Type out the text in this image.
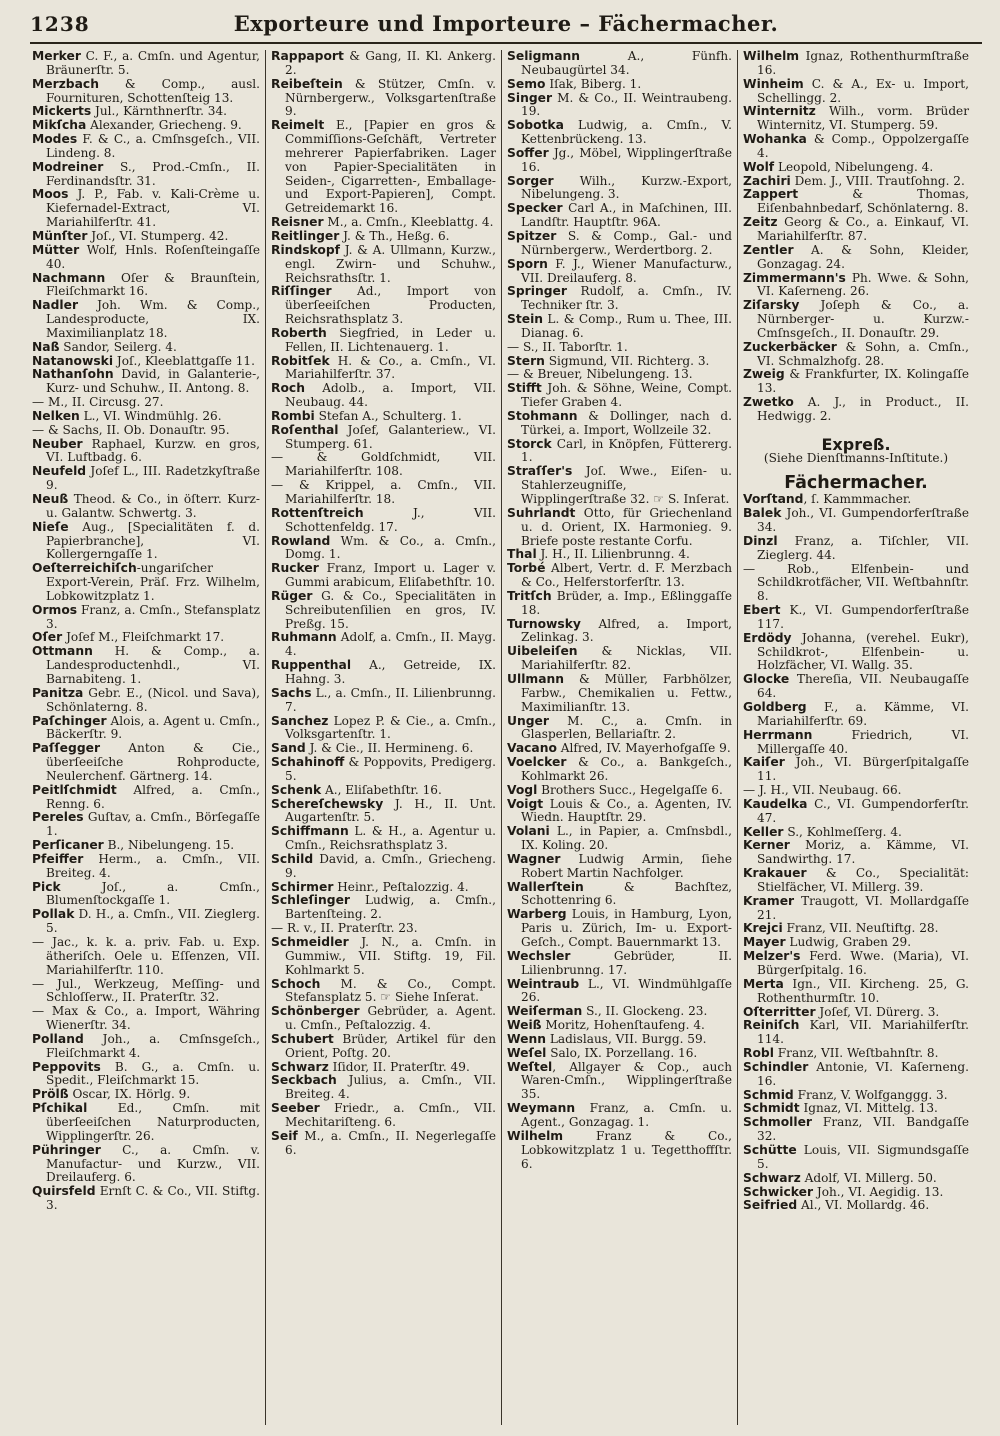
1238	Exporteure und Importeure – Fächermacher.
Merker C. F., a. Cmſn. und Agentur, Bräunerſtr. 5.
Merzbach & Comp., ausl. Fournituren, Schottenſteig 13.
Mickerts Jul., Kärnthnerſtr. 34.
Mikſcha Alexander, Griecheng. 9.
Modes F. & C., a. Cmſnsgeſch., VII. Lindeng. 8.
Modreiner S., Prod.-Cmſn., II. Ferdinandsſtr. 31.
Moos J. P., Fab. v. Kali-Crème u. Kiefernadel-Extract, VI. Mariahilferſtr. 41.
Münſter Joſ., VI. Stumperg. 42.
Mütter Wolf, Hnls. Roſenſteingaſſe 40.
Nachmann Oſer & Braunſtein, Fleiſchmarkt 16.
Nadler Joh. Wm. & Comp., Landesproducte, IX. Maximilianplatz 18.
Naß Sandor, Seilerg. 4.
Natanowski Joſ., Kleeblattgaſſe 11.
Nathanſohn David, in Galanterie-, Kurz- und Schuhw., II. Antong. 8.
— M., II. Circusg. 27.
Nelken L., VI. Windmühlg. 26.
— & Sachs, II. Ob. Donauſtr. 95.
Neuber Raphael, Kurzw. en gros, VI. Luftbadg. 6.
Neufeld Joſef L., III. Radetzkyſtraße 9.
Neuß Theod. & Co., in öſterr. Kurz- u. Galantw. Schwertg. 3.
Nieſe Aug., [Specialitäten f. d. Papierbranche], VI. Kollergerngaſſe 1.
Oeſterreichiſch-ungariſcher Export-Verein, Präſ. Frz. Wilhelm, Lobkowitzplatz 1.
Ormos Franz, a. Cmſn., Stefansplatz 3.
Oſer Joſef M., Fleiſchmarkt 17.
Ottmann H. & Comp., a. Landesproductenhdl., VI. Barnabiteng. 1.
Panitza Gebr. E., (Nicol. und Sava), Schönlaterng. 8.
Paſchinger Alois, a. Agent u. Cmſn., Bäckerſtr. 9.
Paſſegger Anton & Cie., überſeeiſche Rohproducte, Neulerchenf. Gärtnerg. 14.
Peitlſchmidt Alfred, a. Cmſn., Renng. 6.
Pereles Guſtav, a. Cmſn., Börſegaſſe 1.
Perſicaner B., Nibelungeng. 15.
Pfeiffer Herm., a. Cmſn., VII. Breiteg. 4.
Pick Joſ., a. Cmſn., Blumenſtockgaſſe 1.
Pollak D. H., a. Cmſn., VII. Zieglerg. 5.
— Jac., k. k. a. priv. Fab. u. Exp. ätheriſch. Oele u. Eſſenzen, VII. Mariahilferſtr. 110.
— Jul., Werkzeug, Meſſing- und Schloſſerw., II. Praterſtr. 32.
— Max & Co., a. Import, Währing Wienerſtr. 34.
Polland Joh., a. Cmſnsgeſch., Fleiſchmarkt 4.
Peppovits B. G., a. Cmſn. u. Spedit., Fleiſchmarkt 15.
Prölß Oscar, IX. Hörlg. 9.
Pſchikal Ed., Cmſn. mit überſeeiſchen Naturproducten, Wipplingerſtr. 26.
Pühringer C., a. Cmſn. v. Manufactur- und Kurzw., VII. Dreilauferg. 6.
Quirsfeld Ernſt C. & Co., VII. Stiftg. 3.
Rappaport & Gang, II. Kl. Ankerg. 2.
Reibeſtein & Stützer, Cmſn. v. Nürnbergerw., Volksgartenſtraße 9.
Reimelt E., [Papier en gros & Commiſſions-Geſchäft, Vertreter mehrerer Papierfabriken. Lager von Papier-Specialitäten in Seiden-, Cigarretten-, Emballage- und Export-Papieren], Compt. Getreidemarkt 16.
Reisner M., a. Cmſn., Kleeblattg. 4.
Reitlinger J. & Th., Heßg. 6.
Rindskopf J. & A. Ullmann, Kurzw., engl. Zwirn- und Schuhw., Reichsrathsſtr. 1.
Riſſinger Ad., Import von überſeeiſchen Producten, Reichsrathsplatz 3.
Roberth Siegfried, in Leder u. Fellen, II. Lichtenauerg. 1.
Robitſek H. & Co., a. Cmſn., VI. Mariahilferſtr. 37.
Roch Adolb., a. Import, VII. Neubaug. 44.
Rombi Stefan A., Schulterg. 1.
Roſenthal Joſef, Galanteriew., VI. Stumperg. 61.
— & Goldſchmidt, VII. Mariahilferſtr. 108.
— & Krippel, a. Cmſn., VII. Mariahilferſtr. 18.
Rottenſtreich J., VII. Schottenfeldg. 17.
Rowland Wm. & Co., a. Cmſn., Domg. 1.
Rucker Franz, Import u. Lager v. Gummi arabicum, Eliſabethſtr. 10.
Rüger G. & Co., Specialitäten in Schreibutenſilien en gros, IV. Preßg. 15.
Ruhmann Adolf, a. Cmſn., II. Mayg. 4.
Ruppenthal A., Getreide, IX. Hahng. 3.
Sachs L., a. Cmſn., II. Lilienbrunng. 7.
Sanchez Lopez P. & Cie., a. Cmſn., Volksgartenſtr. 1.
Sand J. & Cie., II. Hermineng. 6.
Schahinoff & Poppovits, Predigerg. 5.
Schenk A., Eliſabethſtr. 16.
Schereſchewsky J. H., II. Unt. Augartenſtr. 5.
Schiffmann L. & H., a. Agentur u. Cmſn., Reichsrathsplatz 3.
Schild David, a. Cmſn., Griecheng. 9.
Schirmer Heinr., Peſtalozzig. 4.
Schleſinger Ludwig, a. Cmſn., Bartenſteing. 2.
— R. v., II. Praterſtr. 23.
Schmeidler J. N., a. Cmſn. in Gummiw., VII. Stiftg. 19, Fil. Kohlmarkt 5.
Schoch M. & Co., Compt. Stefansplatz 5. ☞ Siehe Inſerat.
Schönberger Gebrüder, a. Agent. u. Cmſn., Peſtalozzig. 4.
Schubert Brüder, Artikel für den Orient, Poſtg. 20.
Schwarz Iſidor, II. Praterſtr. 49.
Seckbach Julius, a. Cmſn., VII. Breiteg. 4.
Seeber Friedr., a. Cmſn., VII. Mechitariſteng. 6.
Seif M., a. Cmſn., II. Negerlegaſſe 6.
Seligmann A., Fünfh. Neubaugürtel 34.
Semo Iſak, Biberg. 1.
Singer M. & Co., II. Weintraubeng. 19.
Sobotka Ludwig, a. Cmſn., V. Kettenbrückeng. 13.
Soffer Jg., Möbel, Wipplingerſtraße 16.
Sorger Wilh., Kurzw.-Export, Nibelungeng. 3.
Specker Carl A., in Maſchinen, III. Landſtr. Hauptſtr. 96A.
Spitzer S. & Comp., Gal.- und Nürnbergerw., Werdertborg. 2.
Sporn F. J., Wiener Manufacturw., VII. Dreilauferg. 8.
Springer Rudolf, a. Cmſn., IV. Techniker ſtr. 3.
Stein L. & Comp., Rum u. Thee, III. Dianag. 6.
— S., II. Taborſtr. 1.
Stern Sigmund, VII. Richterg. 3.
— & Breuer, Nibelungeng. 13.
Stifft Joh. & Söhne, Weine, Compt. Tiefer Graben 4.
Stohmann & Dollinger, nach d. Türkei, a. Import, Wollzeile 32.
Storck Carl, in Knöpfen, Füttererg. 1.
Straſſer's Joſ. Wwe., Eiſen- u. Stahlerzeugniſſe, Wipplingerſtraße 32. ☞ S. Inſerat.
Suhrlandt Otto, für Griechenland u. d. Orient, IX. Harmonieg. 9. Briefe poste restante Corfu.
Thal J. H., II. Lilienbrunng. 4.
Torbé Albert, Vertr. d. F. Merzbach & Co., Helferstorferſtr. 13.
Tritſch Brüder, a. Imp., Eßlinggaſſe 18.
Turnowsky Alfred, a. Import, Zelinkag. 3.
Uibeleiſen & Nicklas, VII. Mariahilferſtr. 82.
Ullmann & Müller, Farbhölzer, Farbw., Chemikalien u. Fettw., Maximilianſtr. 13.
Unger M. C., a. Cmſn. in Glasperlen, Bellariaſtr. 2.
Vacano Alfred, IV. Mayerhofgaſſe 9.
Voelcker & Co., a. Bankgeſch., Kohlmarkt 26.
Vogl Brothers Succ., Hegelgaſſe 6.
Voigt Louis & Co., a. Agenten, IV. Wiedn. Hauptſtr. 29.
Volani L., in Papier, a. Cmſnsbdl., IX. Koling. 20.
Wagner Ludwig Armin, ſiehe Robert Martin Nachfolger.
Wallerſtein & Bachſtez, Schottenring 6.
Warberg Louis, in Hamburg, Lyon, Paris u. Zürich, Im- u. Export-Geſch., Compt. Bauernmarkt 13.
Wechsler Gebrüder, II. Lilienbrunng. 17.
Weintraub L., VI. Windmühlgaſſe 26.
Weiſerman S., II. Glockeng. 23.
Weiß Moritz, Hohenſtaufeng. 4.
Wenn Ladislaus, VII. Burgg. 59.
Weſel Salo, IX. Porzellang. 16.
Weſtel, Allgayer & Cop., auch Waren-Cmſn., Wipplingerſtraße 35.
Weymann Franz, a. Cmſn. u. Agent., Gonzagag. 1.
Wilhelm Franz & Co., Lobkowitzplatz 1 u. Tegetthoffſtr. 6.
Wilhelm Ignaz, Rothenthurmſtraße 16.
Winheim C. & A., Ex- u. Import, Schellingg. 2.
Winternitz Wilh., vorm. Brüder Winternitz, VI. Stumperg. 59.
Wohanka & Comp., Oppolzergaſſe 4.
Wolf Leopold, Nibelungeng. 4.
Zachiri Dem. J., VIII. Trautſohng. 2.
Zappert & Thomas, Eiſenbahnbedarf, Schönlaterng. 8.
Zeitz Georg & Co., a. Einkauf, VI. Mariahilferſtr. 87.
Zentler A. & Sohn, Kleider, Gonzagag. 24.
Zimmermann's Ph. Wwe. & Sohn, VI. Kaſerneng. 26.
Ziſarsky Joſeph & Co., a. Nürnberger- u. Kurzw.-Cmſnsgeſch., II. Donauſtr. 29.
Zuckerbäcker & Sohn, a. Cmſn., VI. Schmalzhofg. 28.
Zweig & Frankfurter, IX. Kolingaſſe 13.
Zwetko A. J., in Product., II. Hedwigg. 2.
Expreß.
(Siehe Dienſtmanns-Inſtitute.)
Fächermacher.
Vorſtand, ſ. Kammmacher.
Balek Joh., VI. Gumpendorferſtraße 34.
Dinzl Franz, a. Tiſchler, VII. Zieglerg. 44.
— Rob., Elfenbein- und Schildkrotfächer, VII. Weſtbahnſtr. 8.
Ebert K., VI. Gumpendorferſtraße 117.
Erdödy Johanna, (verehel. Eukr), Schildkrot-, Elfenbein- u. Holzfächer, VI. Wallg. 35.
Glocke Thereſia, VII. Neubaugaſſe 64.
Goldberg F., a. Kämme, VI. Mariahilferſtr. 69.
Herrmann Friedrich, VI. Millergaſſe 40.
Kaiſer Joh., VI. Bürgerſpitalgaſſe 11.
— J. H., VII. Neubaug. 66.
Kaudelka C., VI. Gumpendorferſtr. 47.
Keller S., Kohlmeſſerg. 4.
Kerner Moriz, a. Kämme, VI. Sandwirthg. 17.
Krakauer & Co., Specialität: Stielfächer, VI. Millerg. 39.
Kramer Traugott, VI. Mollardgaſſe 21.
Krejci Franz, VII. Neuſtiftg. 28.
Mayer Ludwig, Graben 29.
Melzer's Ferd. Wwe. (Maria), VI. Bürgerſpitalg. 16.
Merta Ign., VII. Kircheng. 25, G. Rothenthurmſtr. 10.
Oſterritter Joſef, VI. Dürerg. 3.
Reiniſch Karl, VII. Mariahilferſtr. 114.
Robl Franz, VII. Weſtbahnſtr. 8.
Schindler Antonie, VI. Kaſerneng. 16.
Schmid Franz, V. Wolfganggg. 3.
Schmidt Ignaz, VI. Mittelg. 13.
Schmoller Franz, VII. Bandgaſſe 32.
Schütte Louis, VII. Sigmundsgaſſe 5.
Schwarz Adolf, VI. Millerg. 50.
Schwicker Joh., VI. Aegidig. 13.
Seifried Al., VI. Mollardg. 46.
